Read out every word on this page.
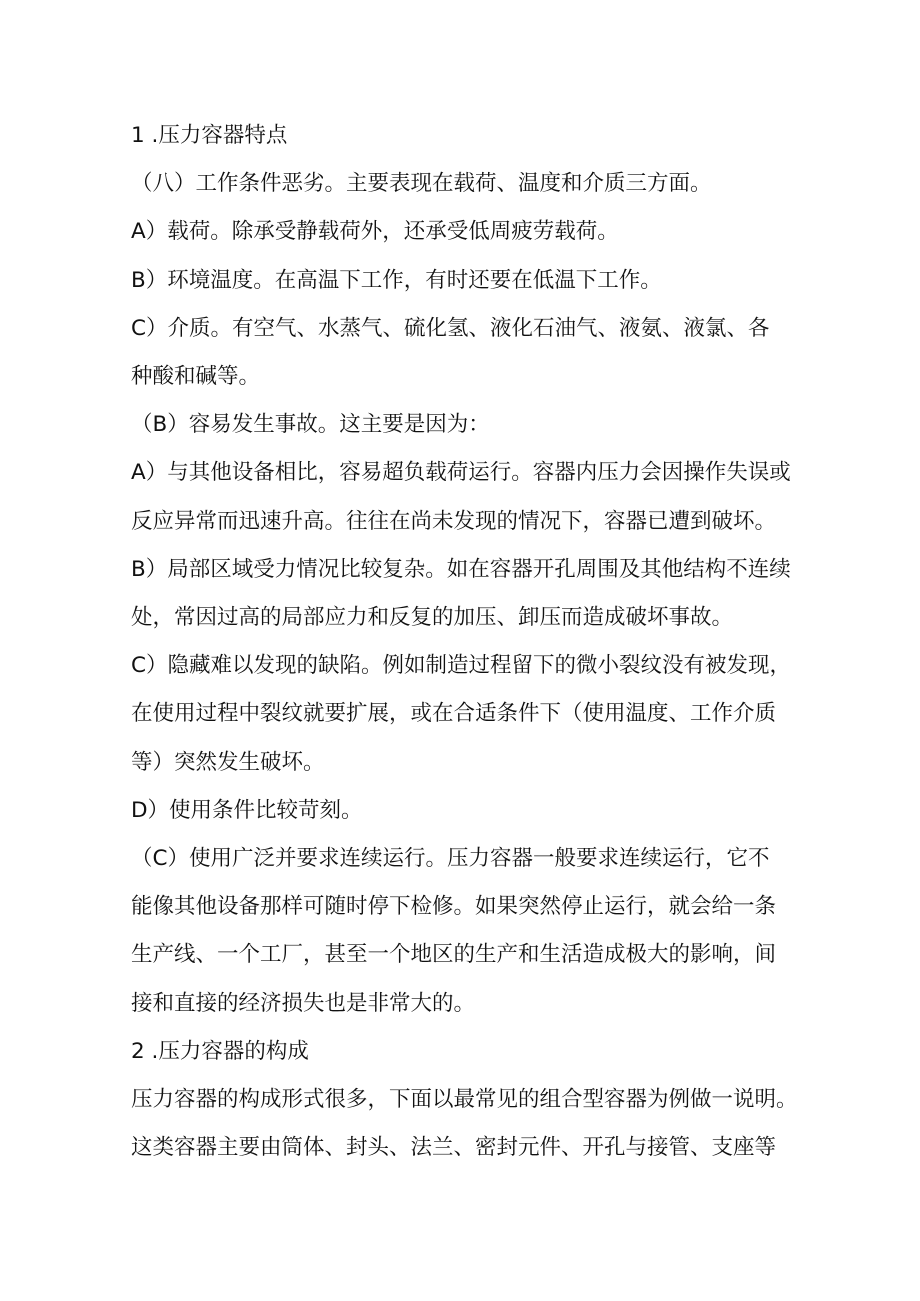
1 .压力容器特点

（八）工作条件恶劣。主要表现在载荷、温度和介质三方面。

A）载荷。除承受静载荷外，还承受低周疲劳载荷。

B）环境温度。在高温下工作，有时还要在低温下工作。

C）介质。有空气、水蒸气、硫化氢、液化石油气、液氨、液氯、各

种酸和碱等。

（B）容易发生事故。这主要是因为：

A）与其他设备相比，容易超负载荷运行。容器内压力会因操作失误或

反应异常而迅速升高。往往在尚未发现的情况下，容器已遭到破坏。

B）局部区域受力情况比较复杂。如在容器开孔周围及其他结构不连续

处，常因过高的局部应力和反复的加压、卸压而造成破坏事故。

C）隐藏难以发现的缺陷。例如制造过程留下的微小裂纹没有被发现，

在使用过程中裂纹就要扩展，或在合适条件下（使用温度、工作介质

等）突然发生破坏。

D）使用条件比较苛刻。

（C）使用广泛并要求连续运行。压力容器一般要求连续运行，它不

能像其他设备那样可随时停下检修。如果突然停止运行，就会给一条

生产线、一个工厂，甚至一个地区的生产和生活造成极大的影响，间

接和直接的经济损失也是非常大的。

2 .压力容器的构成

压力容器的构成形式很多，下面以最常见的组合型容器为例做一说明。

这类容器主要由筒体、封头、法兰、密封元件、开孔与接管、支座等
